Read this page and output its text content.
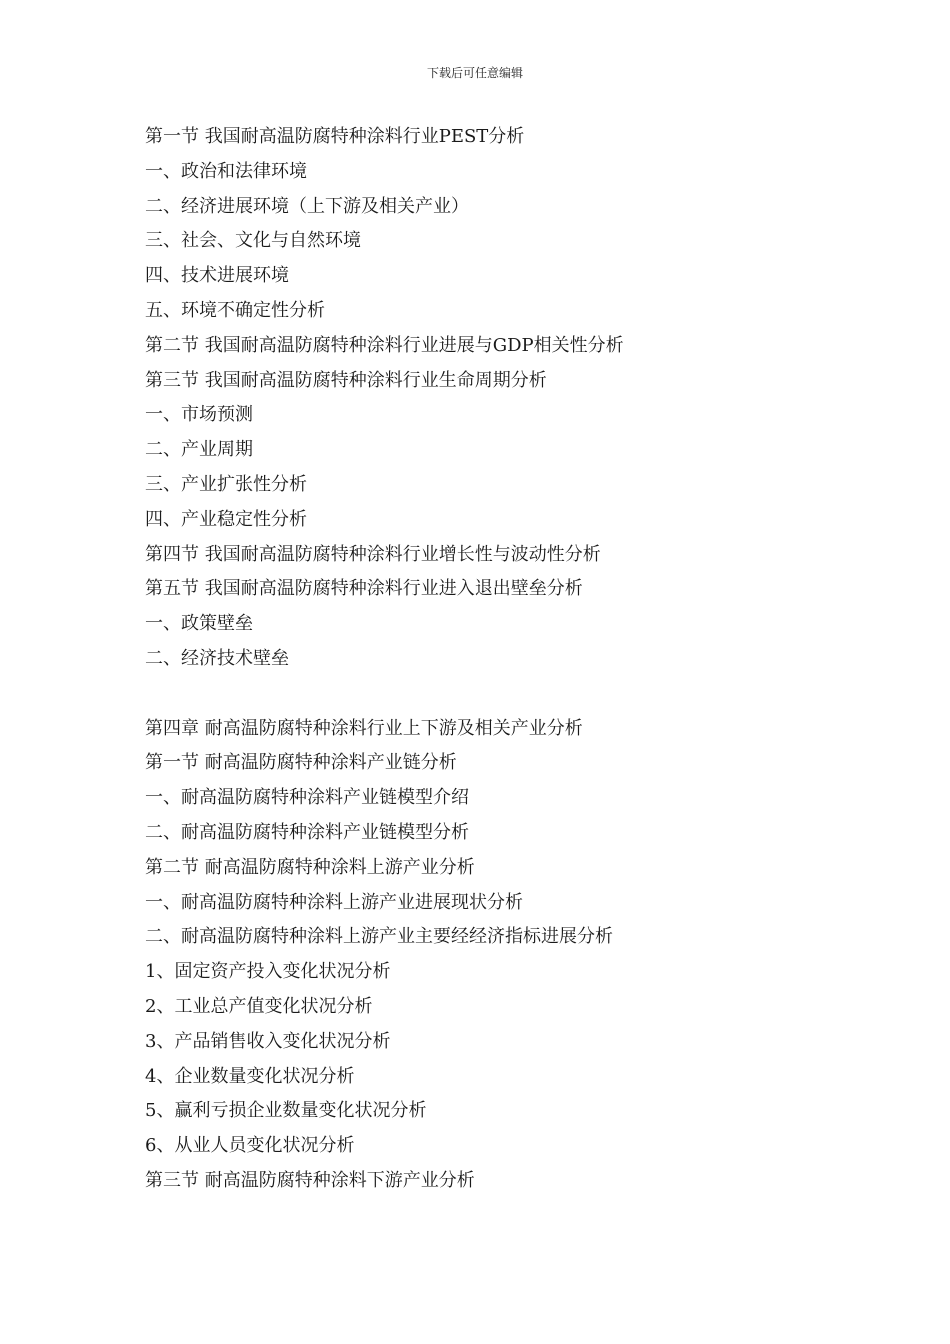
下载后可任意编辑
第一节 我国耐高温防腐特种涂料行业PEST分析
一、政治和法律环境
二、经济进展环境（上下游及相关产业）
三、社会、文化与自然环境
四、技术进展环境
五、环境不确定性分析
第二节 我国耐高温防腐特种涂料行业进展与GDP相关性分析
第三节 我国耐高温防腐特种涂料行业生命周期分析
一、市场预测
二、产业周期
三、产业扩张性分析
四、产业稳定性分析
第四节 我国耐高温防腐特种涂料行业增长性与波动性分析
第五节 我国耐高温防腐特种涂料行业进入退出壁垒分析
一、政策壁垒
二、经济技术壁垒
第四章 耐高温防腐特种涂料行业上下游及相关产业分析
第一节 耐高温防腐特种涂料产业链分析
一、耐高温防腐特种涂料产业链模型介绍
二、耐高温防腐特种涂料产业链模型分析
第二节 耐高温防腐特种涂料上游产业分析
一、耐高温防腐特种涂料上游产业进展现状分析
二、耐高温防腐特种涂料上游产业主要经经济指标进展分析
1、固定资产投入变化状况分析
2、工业总产值变化状况分析
3、产品销售收入变化状况分析
4、企业数量变化状况分析
5、赢利亏损企业数量变化状况分析
6、从业人员变化状况分析
第三节 耐高温防腐特种涂料下游产业分析
